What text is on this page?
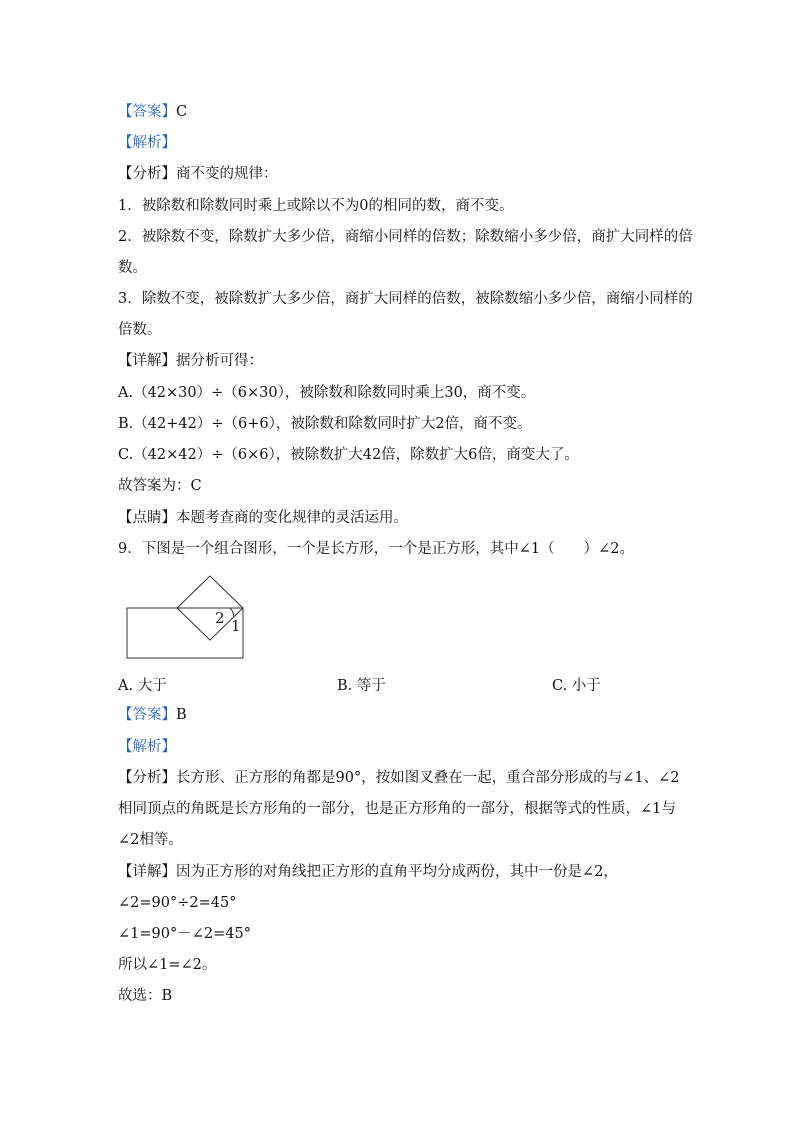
【答案】C
【解析】
【分析】商不变的规律：
1．被除数和除数同时乘上或除以不为0的相同的数，商不变。
2．被除数不变，除数扩大多少倍，商缩小同样的倍数；除数缩小多少倍，商扩大同样的倍
数。
3．除数不变，被除数扩大多少倍，商扩大同样的倍数，被除数缩小多少倍，商缩小同样的
倍数。
【详解】据分析可得：
A.（42×30）÷（6×30），被除数和除数同时乘上30，商不变。
B.（42+42）÷（6+6），被除数和除数同时扩大2倍，商不变。
C.（42×42）÷（6×6），被除数扩大42倍，除数扩大6倍，商变大了。
故答案为：C
【点睛】本题考查商的变化规律的灵活运用。
9．下图是一个组合图形，一个是长方形，一个是正方形，其中∠1（　　）∠2。
2 1
A. 大于	B. 等于	C. 小于
【答案】B
【解析】
【分析】长方形、正方形的角都是90°，按如图叉叠在一起，重合部分形成的与∠1、∠2
相同顶点的角既是长方形角的一部分，也是正方形角的一部分，根据等式的性质，∠1与
∠2相等。
【详解】因为正方形的对角线把正方形的直角平均分成两份，其中一份是∠2，
∠2=90°÷2=45°
∠1=90°－∠2=45°
所以∠1=∠2。
故选：B
